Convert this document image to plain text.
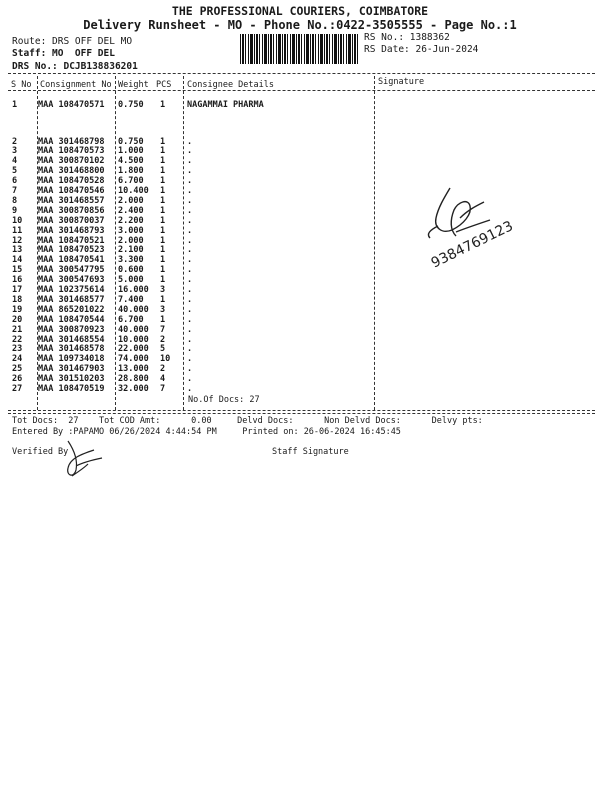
THE PROFESSIONAL COURIERS, COIMBATORE
Delivery Runsheet - MO - Phone No.:0422-3505555 - Page No.:1
Route: DRS OFF DEL MO
Staff: MO  OFF DEL
DRS No.: DCJB138836201
RS No.: 1388362
RS Date: 26-Jun-2024
S No Consignment No Weight PCS Consignee Details	Signature
1 MAA 108470571 0.750 1	NAGAMMAI PHARMA
2 MAA 301468798 0.750 1	.
3 MAA 108470573 1.000 1	.
4 MAA 300870102 4.500 1	.
5 MAA 301468800 1.800 1	.
6 MAA 108470528 6.700 1	.
7 MAA 108470546 10.400 1	.
8 MAA 301468557 2.000 1	.
9 MAA 300870856 2.400 1	.
10 MAA 300870037 2.200 1	.
11 MAA 301468793 3.000 1	.
12 MAA 108470521 2.000 1	.
13 MAA 108470523 2.100 1	.
14 MAA 108470541 3.300 1	.
15 MAA 300547795 0.600 1	.
16 MAA 300547693 5.000 1	.
17 MAA 102375614 16.000 3	.
18 MAA 301468577 7.400 1	.
19 MAA 865201022 40.000 3	.
20 MAA 108470544 6.700 1	.
21 MAA 300870923 40.000 7	.
22 MAA 301468554 10.000 2	.
23 MAA 301468578 22.000 5	.
24 MAA 109734018 74.000 10 .
25 MAA 301467903 13.000 2	.
26 MAA 301510203 28.800 4	.
27 MAA 108470519 32.000 7	.
No.Of Docs: 27
9384769123
Tot Docs:  27    Tot COD Amt:      0.00     Delvd Docs:      Non Delvd Docs:      Delvy pts:
Entered By :PAPAMO 06/26/2024 4:44:54 PM     Printed on: 26-06-2024 16:45:45
Verified By	Staff Signature
